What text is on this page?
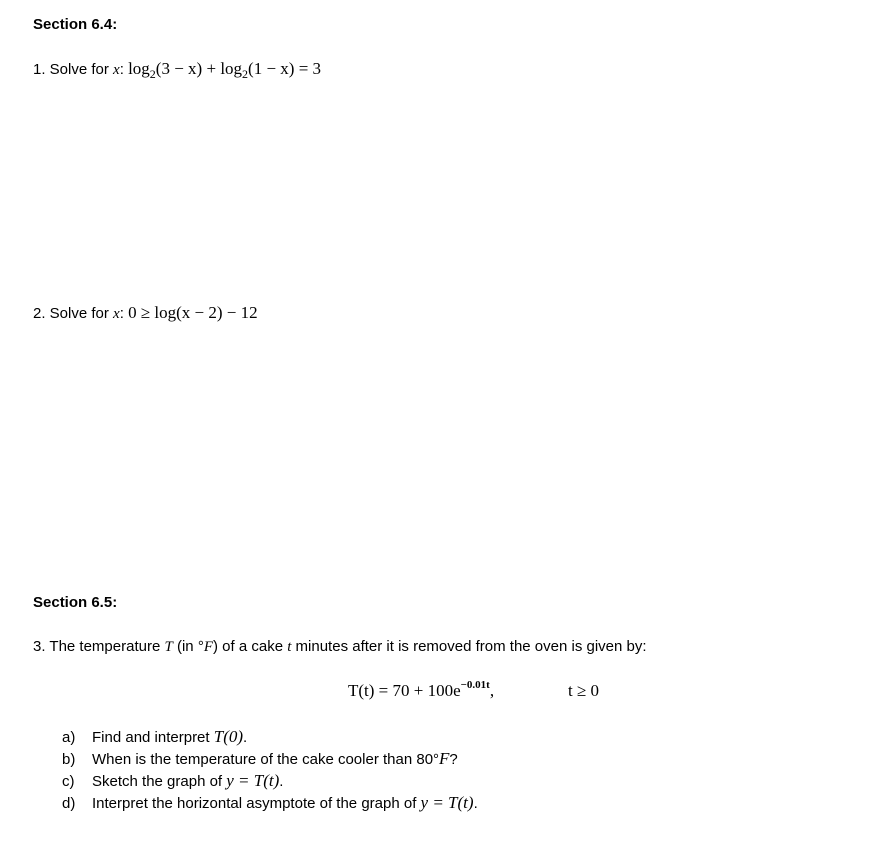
Section 6.4:
1. Solve for x: $\log_2(3 - x) + \log_2(1 - x) = 3$
2. Solve for x: 0 ≥ log(x − 2) − 12
Section 6.5:
3. The temperature T (in °F) of a cake t minutes after it is removed from the oven is given by:
$T(t) = 70 + 100e^{-0.01t}$,	t ≥ 0
a) Find and interpret T(0).
b) When is the temperature of the cake cooler than 80°F?
c) Sketch the graph of y = T(t).
d) Interpret the horizontal asymptote of the graph of y = T(t).
